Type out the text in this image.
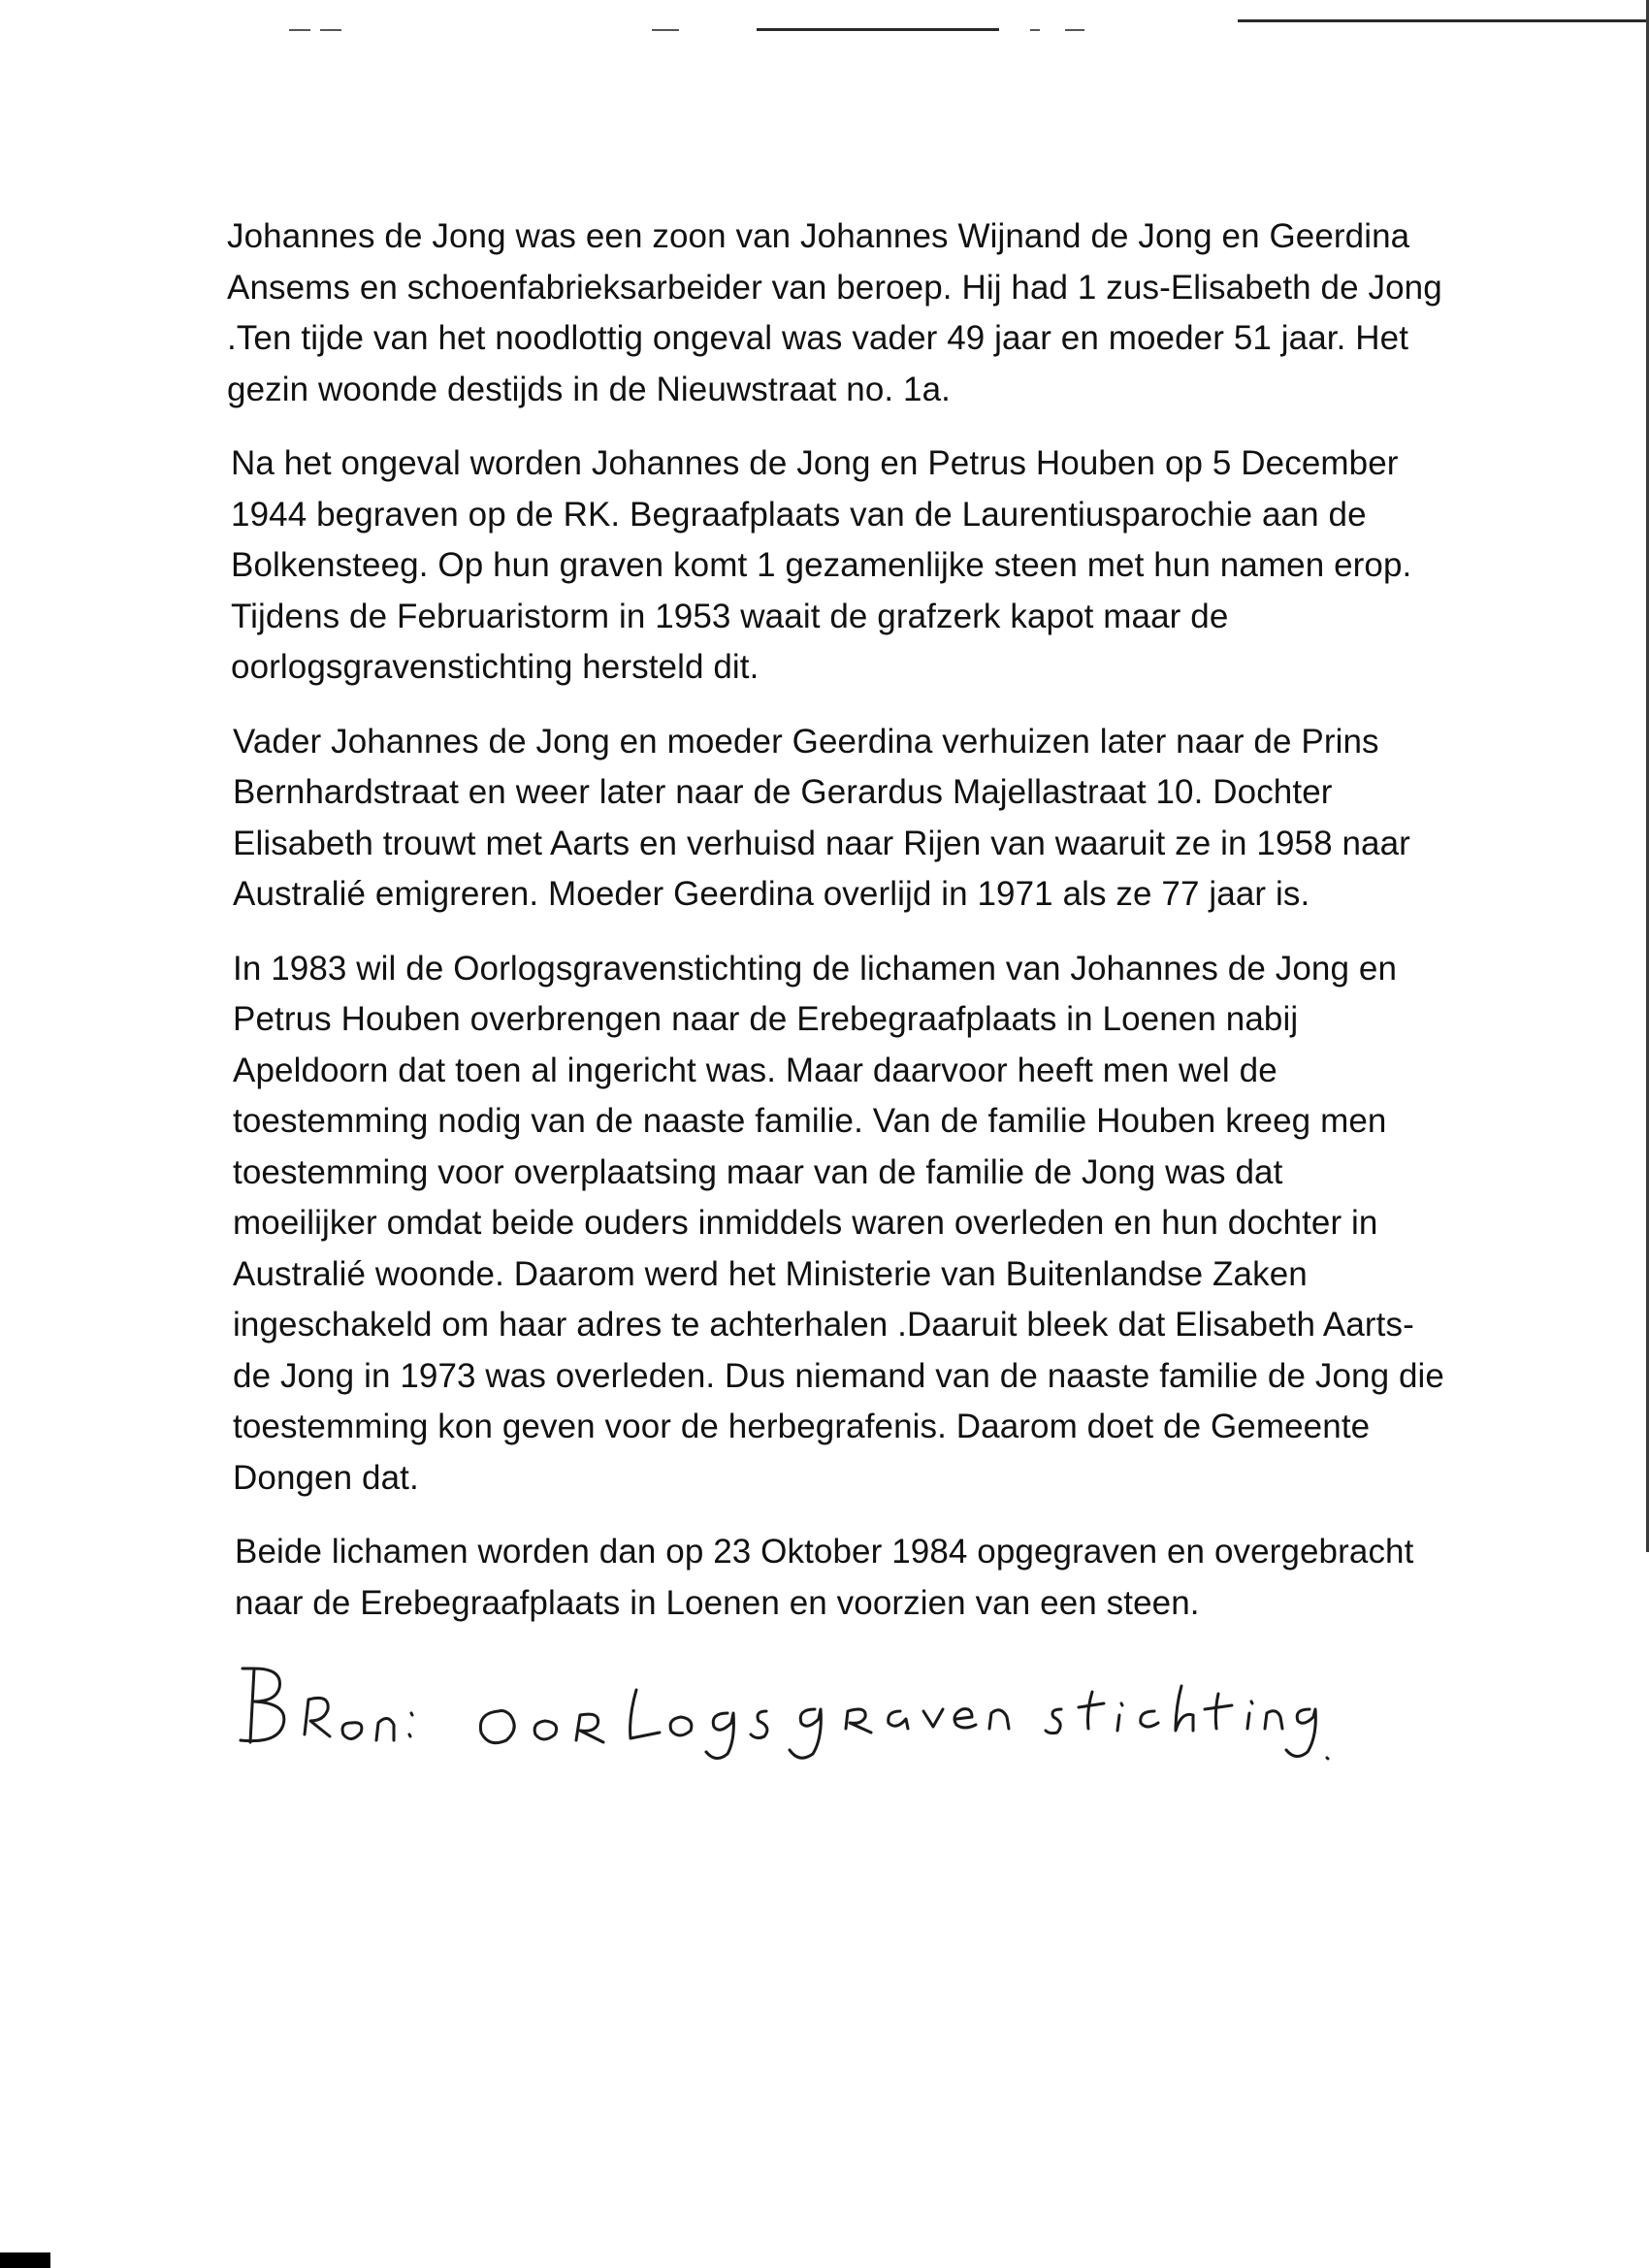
Johannes de Jong was een zoon van Johannes Wijnand de Jong en Geerdina
Ansems en schoenfabrieksarbeider van beroep. Hij had 1 zus-Elisabeth de Jong
.Ten tijde van het noodlottig ongeval was vader 49 jaar en moeder 51 jaar. Het
gezin woonde destijds in de Nieuwstraat no. 1a.

Na het ongeval worden Johannes de Jong en Petrus Houben op 5 December
1944 begraven op de RK. Begraafplaats van de Laurentiusparochie aan de
Bolkensteeg. Op hun graven komt 1 gezamenlijke steen met hun namen erop.
Tijdens de Februaristorm in 1953 waait de grafzerk kapot maar de
oorlogsgravenstichting hersteld dit.

Vader Johannes de Jong en moeder Geerdina verhuizen later naar de Prins
Bernhardstraat en weer later naar de Gerardus Majellastraat 10. Dochter
Elisabeth trouwt met Aarts en verhuisd naar Rijen van waaruit ze in 1958 naar
Australié emigreren. Moeder Geerdina overlijd in 1971 als ze 77 jaar is.

In 1983 wil de Oorlogsgravenstichting de lichamen van Johannes de Jong en
Petrus Houben overbrengen naar de Erebegraafplaats in Loenen nabij
Apeldoorn dat toen al ingericht was. Maar daarvoor heeft men wel de
toestemming nodig van de naaste familie. Van de familie Houben kreeg men
toestemming voor overplaatsing maar van de familie de Jong was dat
moeilijker omdat beide ouders inmiddels waren overleden en hun dochter in
Australié woonde. Daarom werd het Ministerie van Buitenlandse Zaken
ingeschakeld om haar adres te achterhalen .Daaruit bleek dat Elisabeth Aarts-
de Jong in 1973 was overleden. Dus niemand van de naaste familie de Jong die
toestemming kon geven voor de herbegrafenis. Daarom doet de Gemeente
Dongen dat.

Beide lichamen worden dan op 23 Oktober 1984 opgegraven en overgebracht
naar de Erebegraafplaats in Loenen en voorzien van een steen.
